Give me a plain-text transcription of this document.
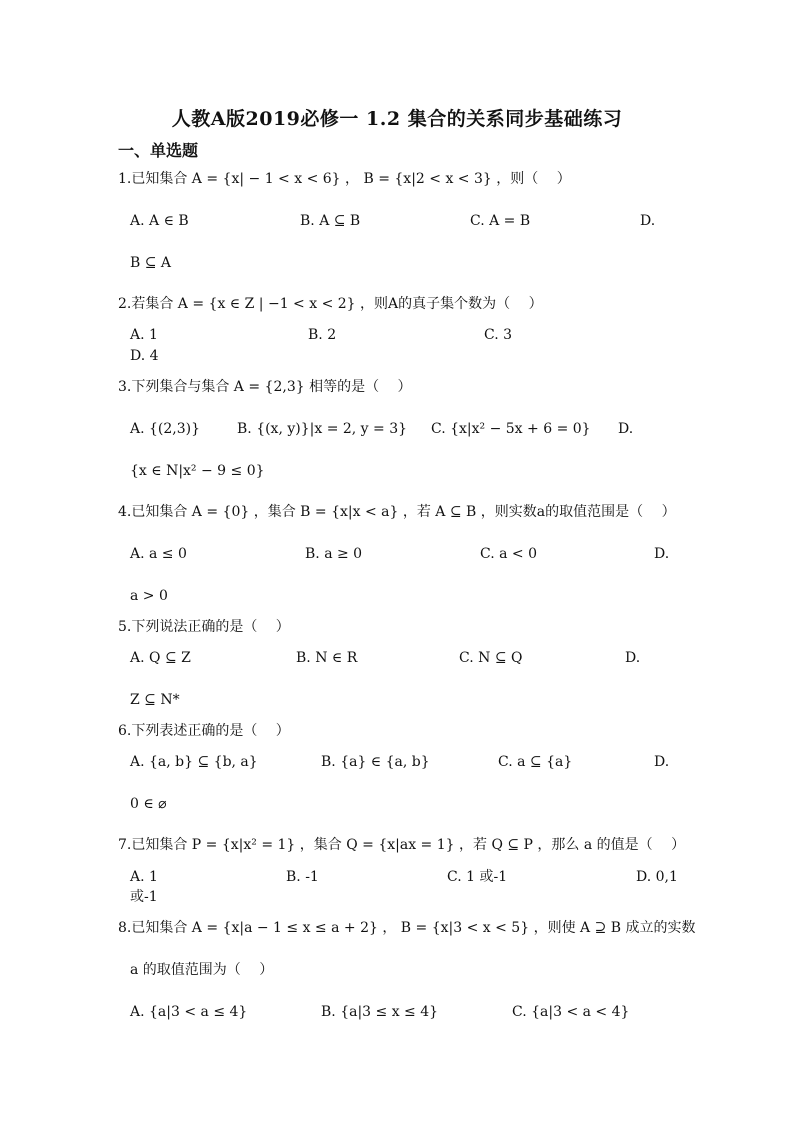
人教A版2019必修一 1.2 集合的关系同步基础练习
一、单选题
1.已知集合 A = {x| − 1 < x < 6} ， B = {x|2 < x < 3} ，则（　 ）
A. A ∈ B	B. A ⊆ B	C. A = B	D.
B ⊆ A
2.若集合 A = {x ∈ Z | −1 < x < 2} ，则A的真子集个数为（　 ）
A. 1	B. 2	C. 3
D. 4
3.下列集合与集合 A = {2,3} 相等的是（　 ）
A. {(2,3)}	B. {(x, y)}|x = 2, y = 3} C. {x|x² − 5x + 6 = 0} D.
{x ∈ N|x² − 9 ≤ 0}
4.已知集合 A = {0} ，集合 B = {x|x < a} ，若 A ⊆ B ，则实数a的取值范围是（　 ）
A. a ≤ 0	B. a ≥ 0	C. a < 0	D.
a > 0
5.下列说法正确的是（　 ）
A. Q ⊆ Z	B. N ∈ R	C. N ⊆ Q	D.
Z ⊆ N*
6.下列表述正确的是（　 ）
A. {a, b} ⊆ {b, a}	B. {a} ∈ {a, b}	C. a ⊆ {a}	D.
0 ∈ ⌀
7.已知集合 P = {x|x² = 1} ，集合 Q = {x|ax = 1} ，若 Q ⊆ P ，那么 a 的值是（　 ）
A. 1	B. -1	C. 1 或-1	D. 0,1
或-1
8.已知集合 A = {x|a − 1 ≤ x ≤ a + 2} ， B = {x|3 < x < 5} ，则使 A ⊇ B 成立的实数
a 的取值范围为（　 ）
A. {a|3 < a ≤ 4}	B. {a|3 ≤ x ≤ 4}	C. {a|3 < a < 4}
